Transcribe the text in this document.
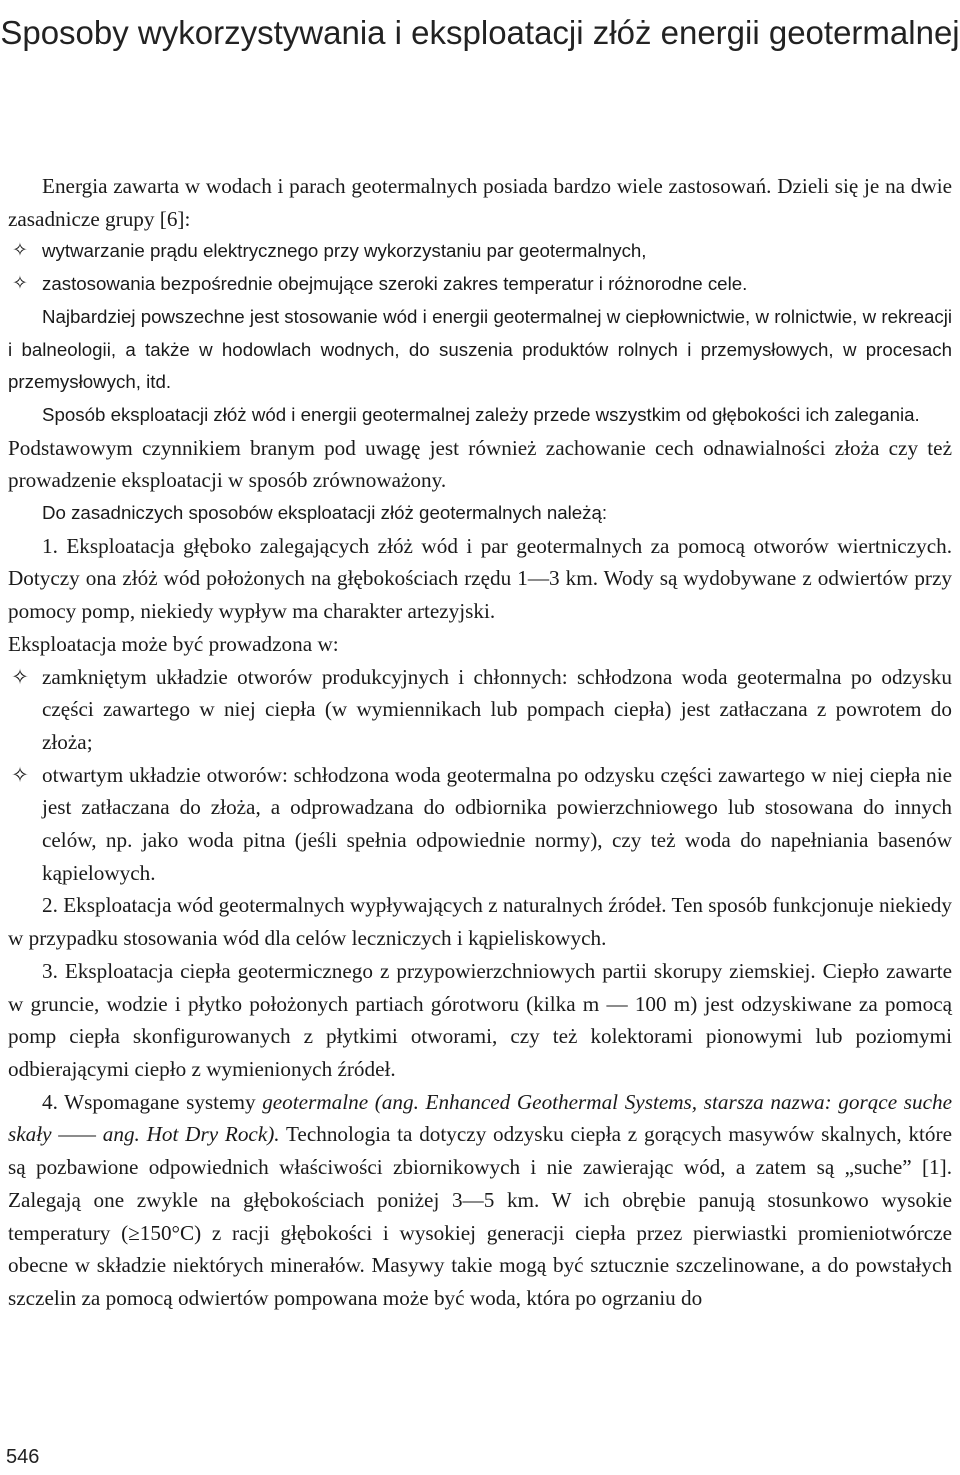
Sposoby wykorzystywania i eksploatacji złóż energii geotermalnej

Energia zawarta w wodach i parach geotermalnych posiada bardzo wiele zastosowań. Dzieli się je na dwie zasadnicze grupy [6]:

✧ wytwarzanie prądu elektrycznego przy wykorzystaniu par geotermalnych,
✧ zastosowania bezpośrednie obejmujące szeroki zakres temperatur i różnorodne cele.

Najbardziej powszechne jest stosowanie wód i energii geotermalnej w ciepłownictwie, w rolnictwie, w rekreacji i balneologii, a także w hodowlach wodnych, do suszenia produktów rolnych i przemysłowych, w procesach przemysłowych, itd.

Sposób eksploatacji złóż wód i energii geotermalnej zależy przede wszystkim od głębokości ich zalegania.

Podstawowym czynnikiem branym pod uwagę jest również zachowanie cech odnawialności złoża czy też prowadzenie eksploatacji w sposób zrównoważony.

Do zasadniczych sposobów eksploatacji złóż geotermalnych należą:

1. Eksploatacja głęboko zalegających złóż wód i par geotermalnych za pomocą otworów wiertniczych. Dotyczy ona złóż wód położonych na głębokościach rzędu 1—3 km. Wody są wydobywane z odwiertów przy pomocy pomp, niekiedy wypływ ma charakter artezyjski.

Eksploatacja może być prowadzona w:

✧ zamkniętym układzie otworów produkcyjnych i chłonnych: schłodzona woda geotermalna po odzysku części zawartego w niej ciepła (w wymiennikach lub pompach ciepła) jest zatłaczana z powrotem do złoża;
✧ otwartym układzie otworów: schłodzona woda geotermalna po odzysku części zawartego w niej ciepła nie jest zatłaczana do złoża, a odprowadzana do odbiornika powierzchniowego lub stosowana do innych celów, np. jako woda pitna (jeśli spełnia odpowiednie normy), czy też woda do napełniania basenów kąpielowych.

2. Eksploatacja wód geotermalnych wypływających z naturalnych źródeł. Ten sposób funkcjonuje niekiedy w przypadku stosowania wód dla celów leczniczych i kąpieliskowych.

3. Eksploatacja ciepła geotermicznego z przypowierzchniowych partii skorupy ziemskiej. Ciepło zawarte w gruncie, wodzie i płytko położonych partiach górotworu (kilka m — 100 m) jest odzyskiwane za pomocą pomp ciepła skonfigurowanych z płytkimi otworami, czy też kolektorami pionowymi lub poziomymi odbierającymi ciepło z wymienionych źródeł.

4. Wspomagane systemy geotermalne (ang. Enhanced Geothermal Systems, starsza nazwa: gorące suche skały —— ang. Hot Dry Rock). Technologia ta dotyczy odzysku ciepła z gorących masywów skalnych, które są pozbawione odpowiednich właściwości zbiornikowych i nie zawierając wód, a zatem są „suche” [1]. Zalegają one zwykle na głębokościach poniżej 3—5 km. W ich obrębie panują stosunkowo wysokie temperatury (≥150°C) z racji głębokości i wysokiej generacji ciepła przez pierwiastki promieniotwórcze obecne w składzie niektórych minerałów. Masywy takie mogą być sztucznie szczelinowane, a do powstałych szczelin za pomocą odwiertów pompowana może być woda, która po ogrzaniu do

546
